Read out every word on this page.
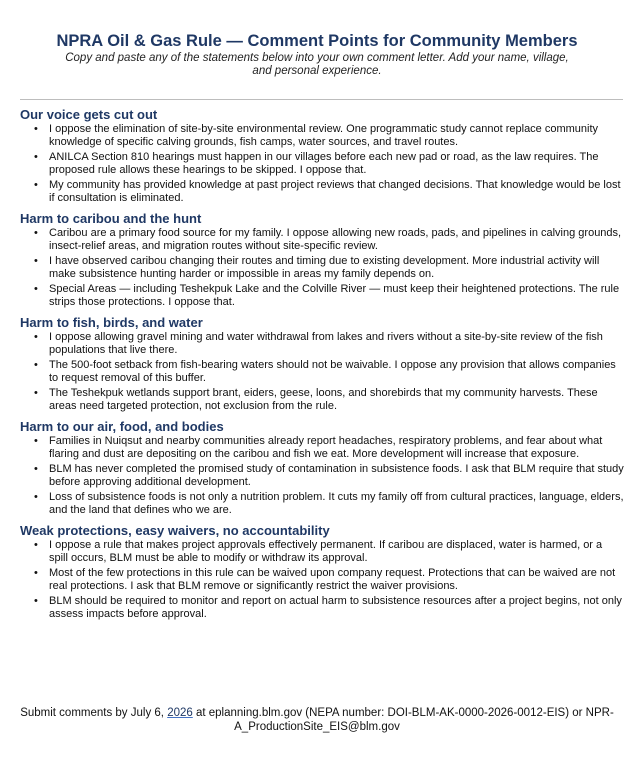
NPRA Oil & Gas Rule — Comment Points for Community Members
Copy and paste any of the statements below into your own comment letter. Add your name, village, and personal experience.
Our voice gets cut out
• I oppose the elimination of site-by-site environmental review. One programmatic study cannot replace community knowledge of specific calving grounds, fish camps, water sources, and travel routes.
• ANILCA Section 810 hearings must happen in our villages before each new pad or road, as the law requires. The proposed rule allows these hearings to be skipped. I oppose that.
• My community has provided knowledge at past project reviews that changed decisions. That knowledge would be lost if consultation is eliminated.
Harm to caribou and the hunt
• Caribou are a primary food source for my family. I oppose allowing new roads, pads, and pipelines in calving grounds, insect-relief areas, and migration routes without site-specific review.
• I have observed caribou changing their routes and timing due to existing development. More industrial activity will make subsistence hunting harder or impossible in areas my family depends on.
• Special Areas — including Teshekpuk Lake and the Colville River — must keep their heightened protections. The rule strips those protections. I oppose that.
Harm to fish, birds, and water
• I oppose allowing gravel mining and water withdrawal from lakes and rivers without a site-by-site review of the fish populations that live there.
• The 500-foot setback from fish-bearing waters should not be waivable. I oppose any provision that allows companies to request removal of this buffer.
• The Teshekpuk wetlands support brant, eiders, geese, loons, and shorebirds that my community harvests. These areas need targeted protection, not exclusion from the rule.
Harm to our air, food, and bodies
• Families in Nuiqsut and nearby communities already report headaches, respiratory problems, and fear about what flaring and dust are depositing on the caribou and fish we eat. More development will increase that exposure.
• BLM has never completed the promised study of contamination in subsistence foods. I ask that BLM require that study before approving additional development.
• Loss of subsistence foods is not only a nutrition problem. It cuts my family off from cultural practices, language, elders, and the land that defines who we are.
Weak protections, easy waivers, no accountability
• I oppose a rule that makes project approvals effectively permanent. If caribou are displaced, water is harmed, or a spill occurs, BLM must be able to modify or withdraw its approval.
• Most of the few protections in this rule can be waived upon company request. Protections that can be waived are not real protections. I ask that BLM remove or significantly restrict the waiver provisions.
• BLM should be required to monitor and report on actual harm to subsistence resources after a project begins, not only assess impacts before approval.
Submit comments by July 6, 2026 at eplanning.blm.gov (NEPA number: DOI-BLM-AK-0000-2026-0012-EIS) or NPR-A_ProductionSite_EIS@blm.gov
